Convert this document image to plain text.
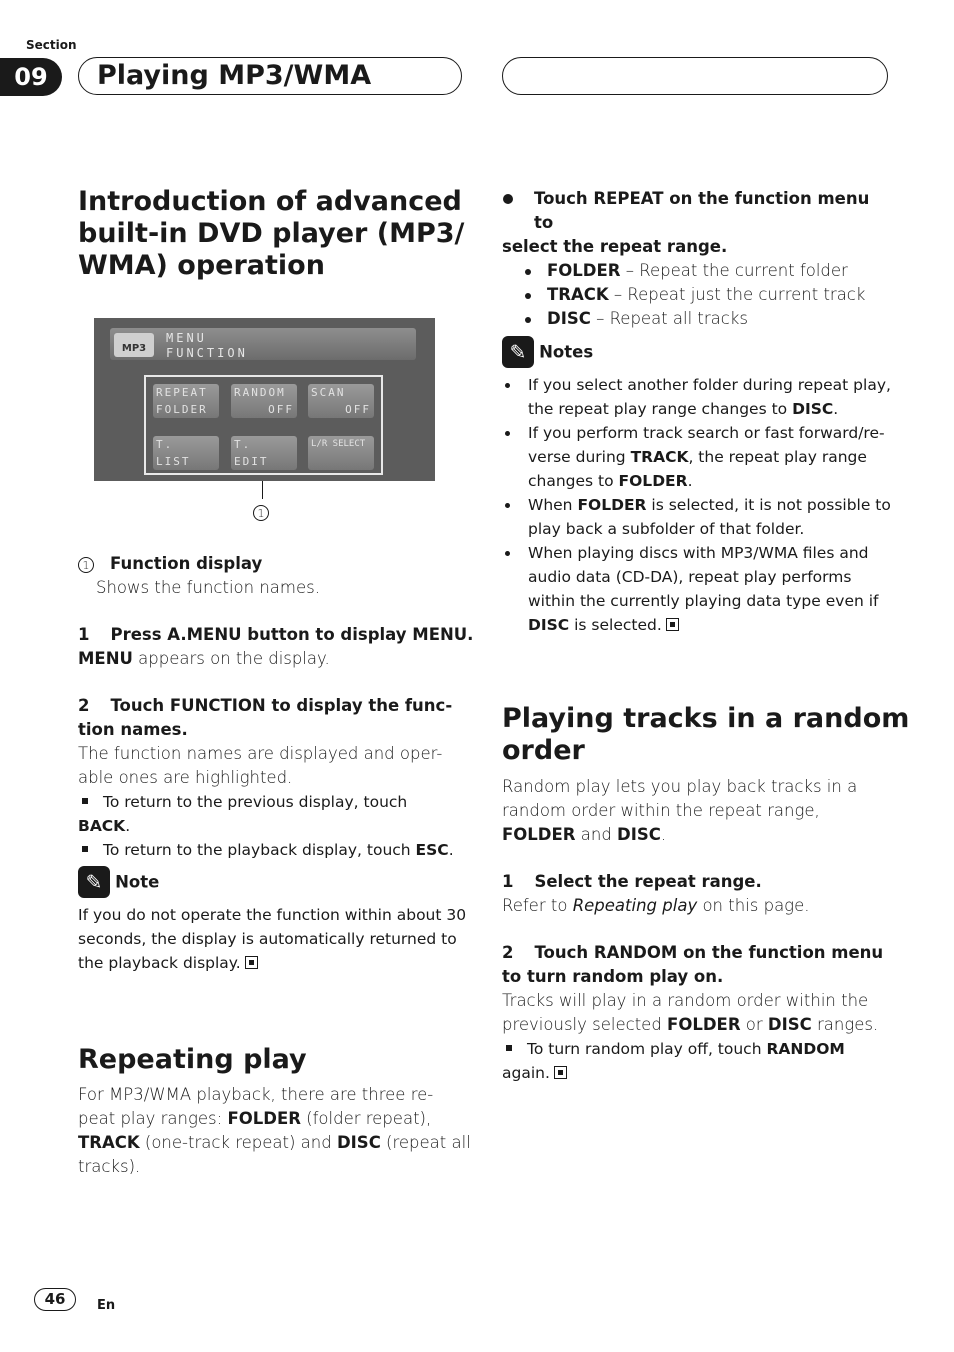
Section
09	Playing MP3/WMA
Introduction of advanced
built-in DVD player (MP3/
WMA) operation
MP3
MENU
FUNCTION
REPEAT
FOLDER
RANDOM
OFF
SCAN
OFF
T. LIST
T. EDIT
L/R SELECT
1
1 Function display
Shows the function names.
1 Press A.MENU button to display MENU.
MENU appears on the display.
2 Touch FUNCTION to display the func-
tion names.
The function names are displayed and oper-
able ones are highlighted.
To return to the previous display, touch BACK.
To return to the playback display, touch ESC.
✎ Note
If you do not operate the function within about 30
seconds, the display is automatically returned to
the playback display.
Repeating play
For MP3/WMA playback, there are three re-
peat play ranges: FOLDER (folder repeat),
TRACK (one-track repeat) and DISC (repeat all
tracks).
Touch REPEAT on the function menu to
select the repeat range.
FOLDER – Repeat the current folder
TRACK – Repeat just the current track
DISC – Repeat all tracks
✎ Notes
If you select another folder during repeat play,
the repeat play range changes to DISC.
If you perform track search or fast forward/re-
verse during TRACK, the repeat play range
changes to FOLDER.
When FOLDER is selected, it is not possible to
play back a subfolder of that folder.
When playing discs with MP3/WMA files and
audio data (CD-DA), repeat play performs
within the currently playing data type even if
DISC is selected.
Playing tracks in a random
order
Random play lets you play back tracks in a
random order within the repeat range,
FOLDER and DISC.
1 Select the repeat range.
Refer to Repeating play on this page.
2 Touch RANDOM on the function menu
to turn random play on.
Tracks will play in a random order within the
previously selected FOLDER or DISC ranges.
To turn random play off, touch RANDOM
again.
46	En
